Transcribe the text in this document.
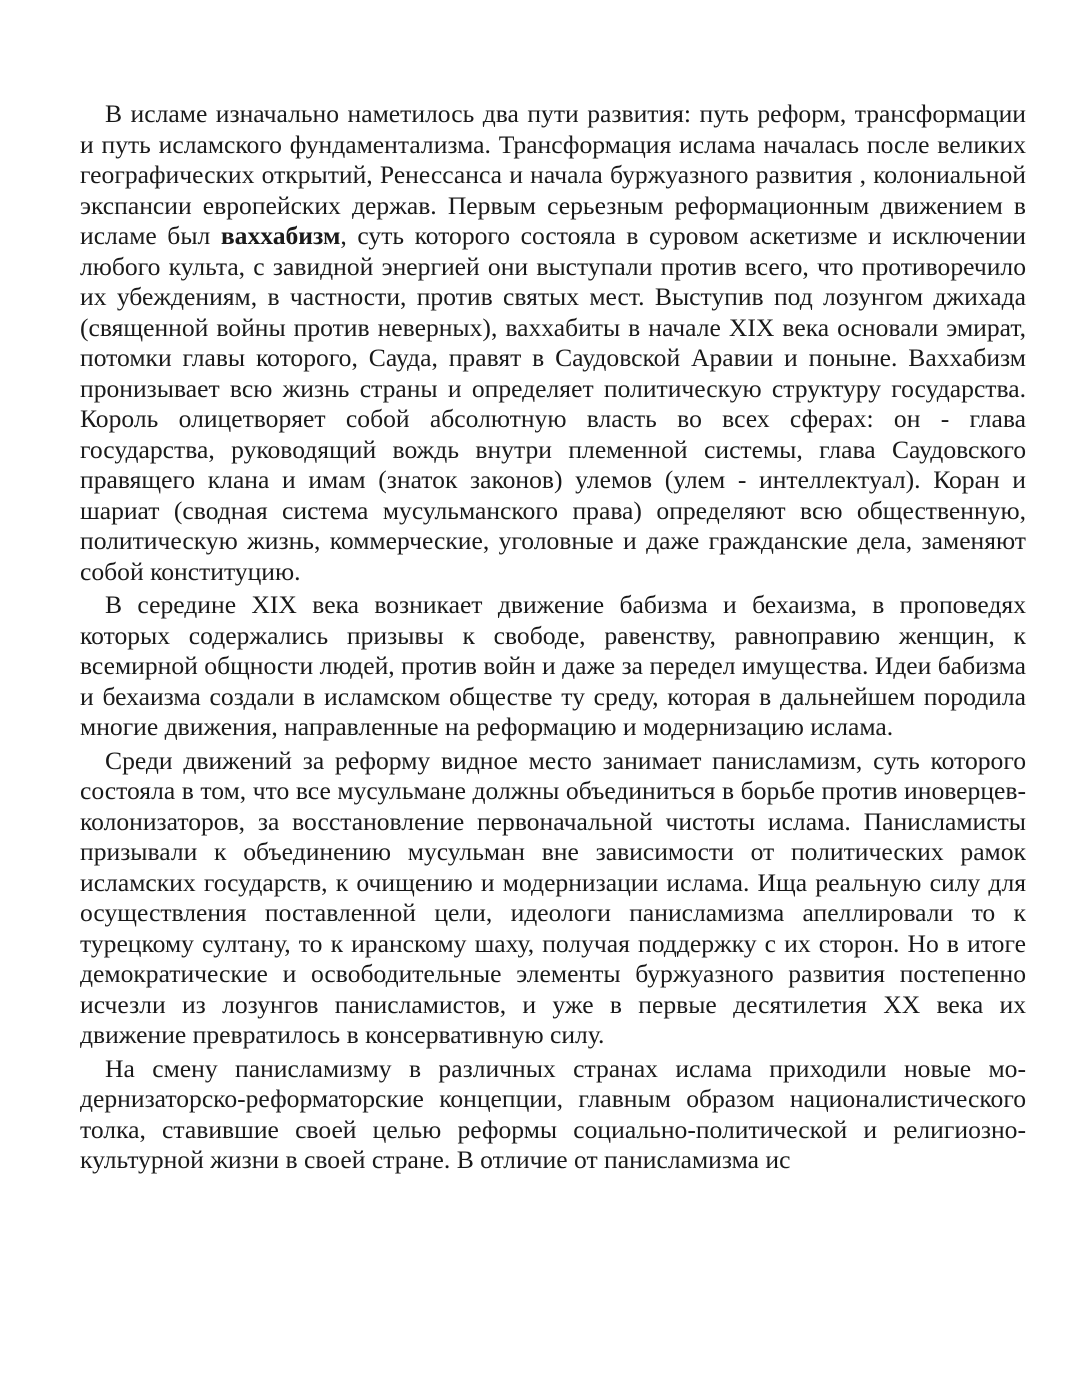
В исламе изначально наметилось два пути развития: путь реформ, трансформации и путь исламского фундаментализма. Трансформация ислама началась после великих географических открытий, Ренессанса и начала буржуазного развития , колониальной экспансии европейских держав. Первым серьезным реформационным движением в исламе был ваххабизм, суть которого состояла в суровом аскетизме и исключении любого культа, с завидной энергией они выступали против всего, что противоречило их убеждениям, в частности, против святых мест. Выступив под лозунгом джихада (священной войны против неверных), ваххабиты в начале XIX века основали эмират, потомки главы которого, Сауда, правят в Саудовской Аравии и поныне. Ваххабизм пронизывает всю жизнь страны и определяет политическую структуру государства. Король олицетворяет собой абсолютную власть во всех сферах: он - глава государства, руководящий вождь внутри племенной системы, глава Саудовского правящего клана и имам (знаток законов) улемов (улем - интеллектуал). Коран и шариат (сводная система мусульманского права) определяют всю общественную, политическую жизнь, коммерческие, уголовные и даже гражданские дела, заменяют собой конституцию.

В середине XIX века возникает движение бабизма и бехаизма, в проповедях которых содержались призывы к свободе, равенству, равноправию женщин, к всемирной общности людей, против войн и даже за передел имущества. Идеи бабизма и бехаизма создали в исламском обществе ту среду, которая в дальнейшем породила многие движения, направленные на реформацию и модернизацию ислама.

Среди движений за реформу видное место занимает панисламизм, суть которого состояла в том, что все мусульмане должны объединиться в борьбе против иноверцев-колонизаторов, за восстановление первоначальной чистоты ислама. Панисламисты призывали к объединению мусульман вне зависимости от политических рамок исламских государств, к очищению и модернизации ислама. Ища реальную силу для осуществления поставленной цели, идеологи панисламизма апеллировали то к турецкому султану, то к иранскому шаху, получая поддержку с их сторон. Но в итоге демократические и освободительные элементы буржуазного развития постепенно исчезли из лозунгов панисламистов, и уже в первые десятилетия XX века их движение превратилось в консервативную силу.

На смену панисламизму в различных странах ислама приходили новые модернизаторско-реформаторские концепции, главным образом националистического толка, ставившие своей целью реформы социально-политической и религиозно-культурной жизни в своей стране. В отличие от панисламизма ис
